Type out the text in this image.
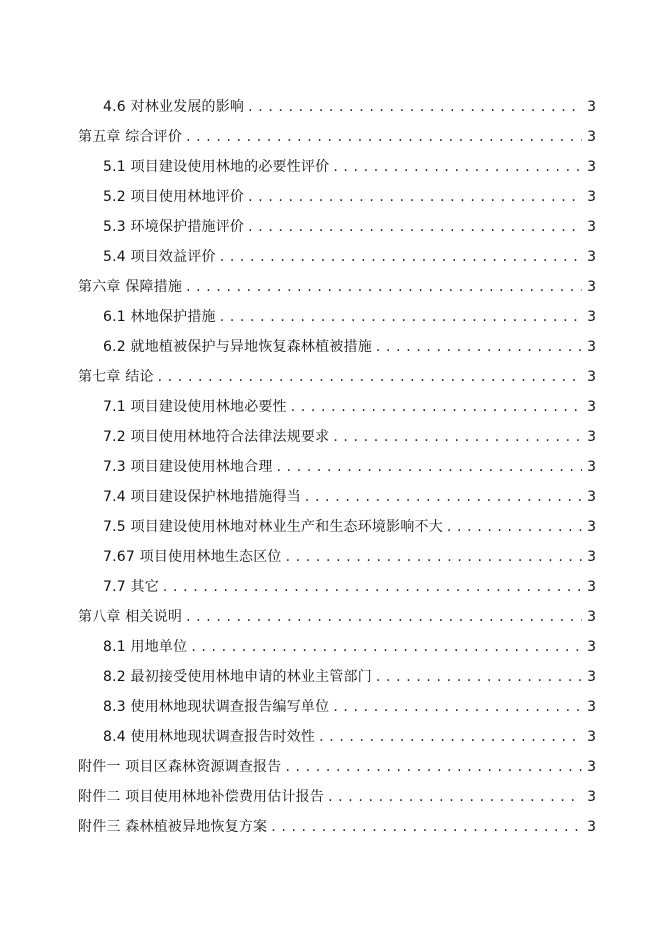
4.6 对林业发展的影响 . . .	3
第五章 综合评价 . . .	3
5.1 项目建设使用林地的必要性评价 . . .	3
5.2 项目使用林地评价 . . .	3
5.3 环境保护措施评价 . . .	3
5.4 项目效益评价 . . .	3
第六章 保障措施 . . .	3
6.1 林地保护措施 . . .	3
6.2 就地植被保护与异地恢复森林植被措施 . . .	3
第七章 结论 . . .	3
7.1 项目建设使用林地必要性 . . .	3
7.2 项目使用林地符合法律法规要求 . . .	3
7.3 项目建设使用林地合理 . . .	3
7.4 项目建设保护林地措施得当 . . .	3
7.5 项目建设使用林地对林业生产和生态环境影响不大 . . .	3
7.67 项目使用林地生态区位 . . .	3
7.7 其它 . . .	3
第八章 相关说明 . . .	3
8.1 用地单位 . . .	3
8.2 最初接受使用林地申请的林业主管部门 . . .	3
8.3 使用林地现状调查报告编写单位 . . .	3
8.4 使用林地现状调查报告时效性 . . .	3
附件一 项目区森林资源调查报告 . . .	3
附件二 项目使用林地补偿费用估计报告 . . .	3
附件三 森林植被异地恢复方案 . . .	3
